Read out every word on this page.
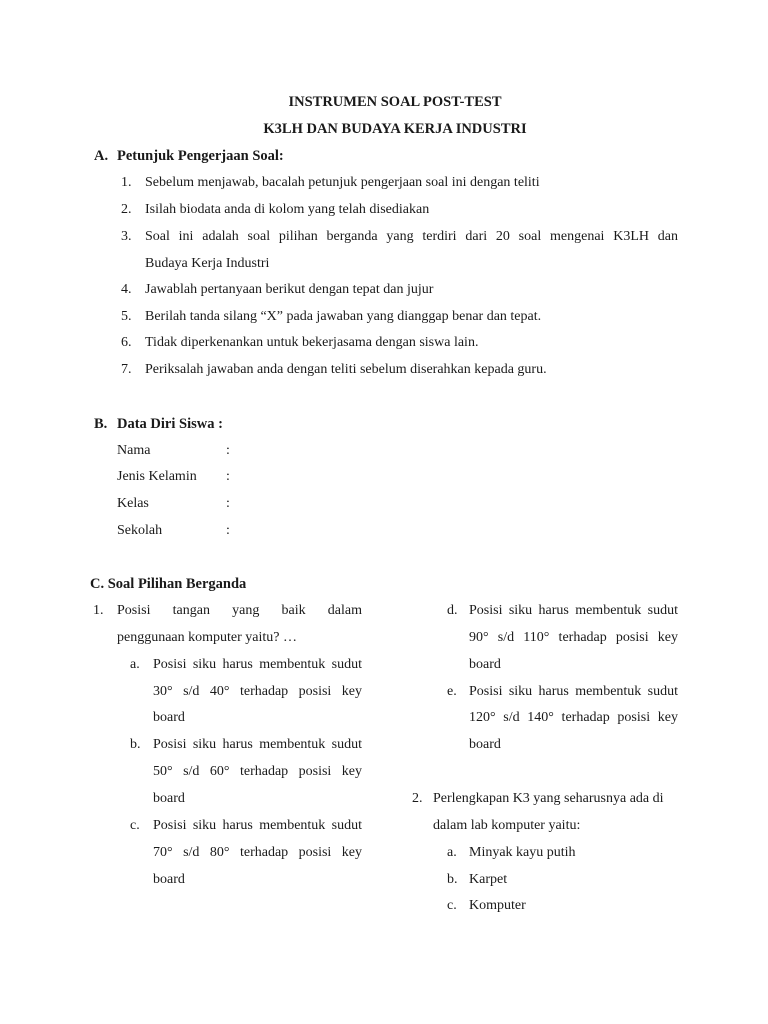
INSTRUMEN SOAL POST-TEST
K3LH DAN BUDAYA KERJA INDUSTRI
A. Petunjuk Pengerjaan Soal:
1. Sebelum menjawab, bacalah petunjuk pengerjaan soal ini dengan teliti
2. Isilah biodata anda di kolom yang telah disediakan
3. Soal ini adalah soal pilihan berganda yang terdiri dari 20 soal mengenai K3LH dan
Budaya Kerja Industri
4. Jawablah pertanyaan berikut dengan tepat dan jujur
5. Berilah tanda silang “X” pada jawaban yang dianggap benar dan tepat.
6. Tidak diperkenankan untuk bekerjasama dengan siswa lain.
7. Periksalah jawaban anda dengan teliti sebelum diserahkan kepada guru.
B. Data Diri Siswa :
Nama	:
Jenis Kelamin :
Kelas	:
Sekolah	:
C. Soal Pilihan Berganda
1. Posisi tangan yang baik dalam
penggunaan komputer yaitu? …
a. Posisi siku harus membentuk sudut
30° s/d 40° terhadap posisi key
board
b. Posisi siku harus membentuk sudut
50° s/d 60° terhadap posisi key
board
c. Posisi siku harus membentuk sudut
70° s/d 80° terhadap posisi key
board
d. Posisi siku harus membentuk sudut
90° s/d 110° terhadap posisi key
board
e. Posisi siku harus membentuk sudut
120° s/d 140° terhadap posisi key
board
2. Perlengkapan K3 yang seharusnya ada di
dalam lab komputer yaitu:
a. Minyak kayu putih
b. Karpet
c. Komputer
